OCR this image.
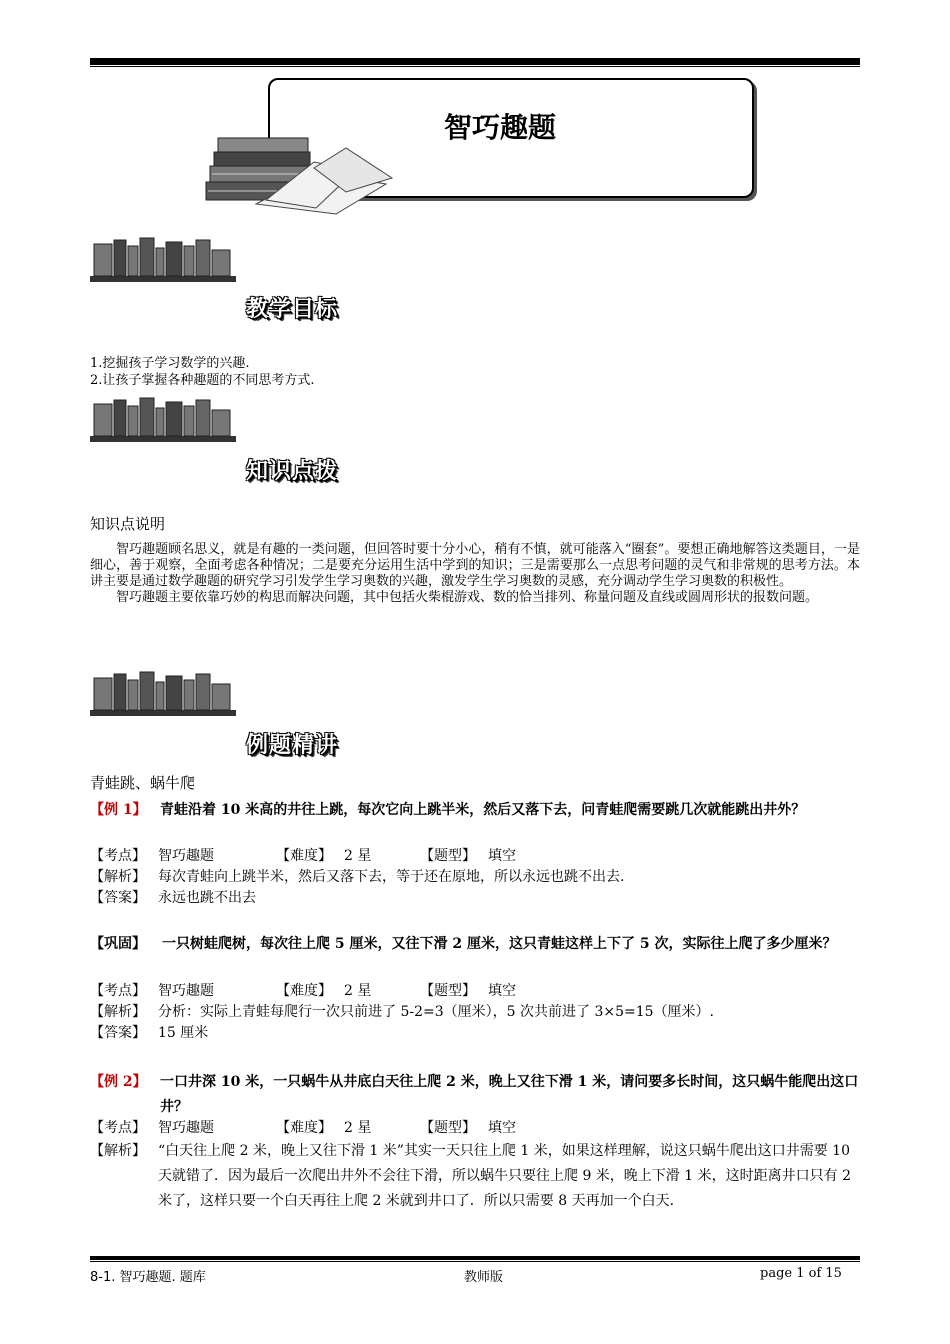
智巧趣题
教学目标
1.挖掘孩子学习数学的兴趣.
2.让孩子掌握各种趣题的不同思考方式.
知识点拨
知识点说明

智巧趣题顾名思义，就是有趣的一类问题，但回答时要十分小心，稍有不慎，就可能落入“圈套”。要想正确地解答这类题目，一是细心，善于观察，全面考虑各种情况；二是要充分运用生活中学到的知识；三是需要那么一点思考问题的灵气和非常规的思考方法。本讲主要是通过数学趣题的研究学习引发学生学习奥数的兴趣，激发学生学习奥数的灵感，充分调动学生学习奥数的积极性。

智巧趣题主要依靠巧妙的构思而解决问题，其中包括火柴棍游戏、数的恰当排列、称量问题及直线或圆周形状的报数问题。

例题精讲
青蛙跳、蜗牛爬
【例 1】 青蛙沿着 10 米高的井往上跳，每次它向上跳半米，然后又落下去，问青蛙爬需要跳几次就能跳出井外？
【考点】 智巧趣题	【难度】 2 星	【题型】 填空
【解析】 每次青蛙向上跳半米，然后又落下去，等于还在原地，所以永远也跳不出去.
【答案】 永远也跳不出去
【巩固】 一只树蛙爬树，每次往上爬 5 厘米，又往下滑 2 厘米，这只青蛙这样上下了 5 次，实际往上爬了多少厘米？
【考点】 智巧趣题	【难度】 2 星	【题型】 填空
【解析】 分析：实际上青蛙每爬行一次只前进了 5-2=3（厘米），5 次共前进了 3×5=15（厘米）.
【答案】 15 厘米
【例 2】 一口井深 10 米，一只蜗牛从井底白天往上爬 2 米，晚上又往下滑 1 米，请问要多长时间，这只蜗牛能爬出这口井？
【考点】 智巧趣题	【难度】 2 星	【题型】 填空
【解析】 “白天往上爬 2 米，晚上又往下滑 1 米”其实一天只往上爬 1 米，如果这样理解，说这只蜗牛爬出这口井需要 10 天就错了．因为最后一次爬出井外不会往下滑，所以蜗牛只要往上爬 9 米，晚上下滑 1 米，这时距离井口只有 2 米了，这样只要一个白天再往上爬 2 米就到井口了．所以只需要 8 天再加一个白天.
8-1. 智巧趣题. 题库	教师版	page 1 of 15
